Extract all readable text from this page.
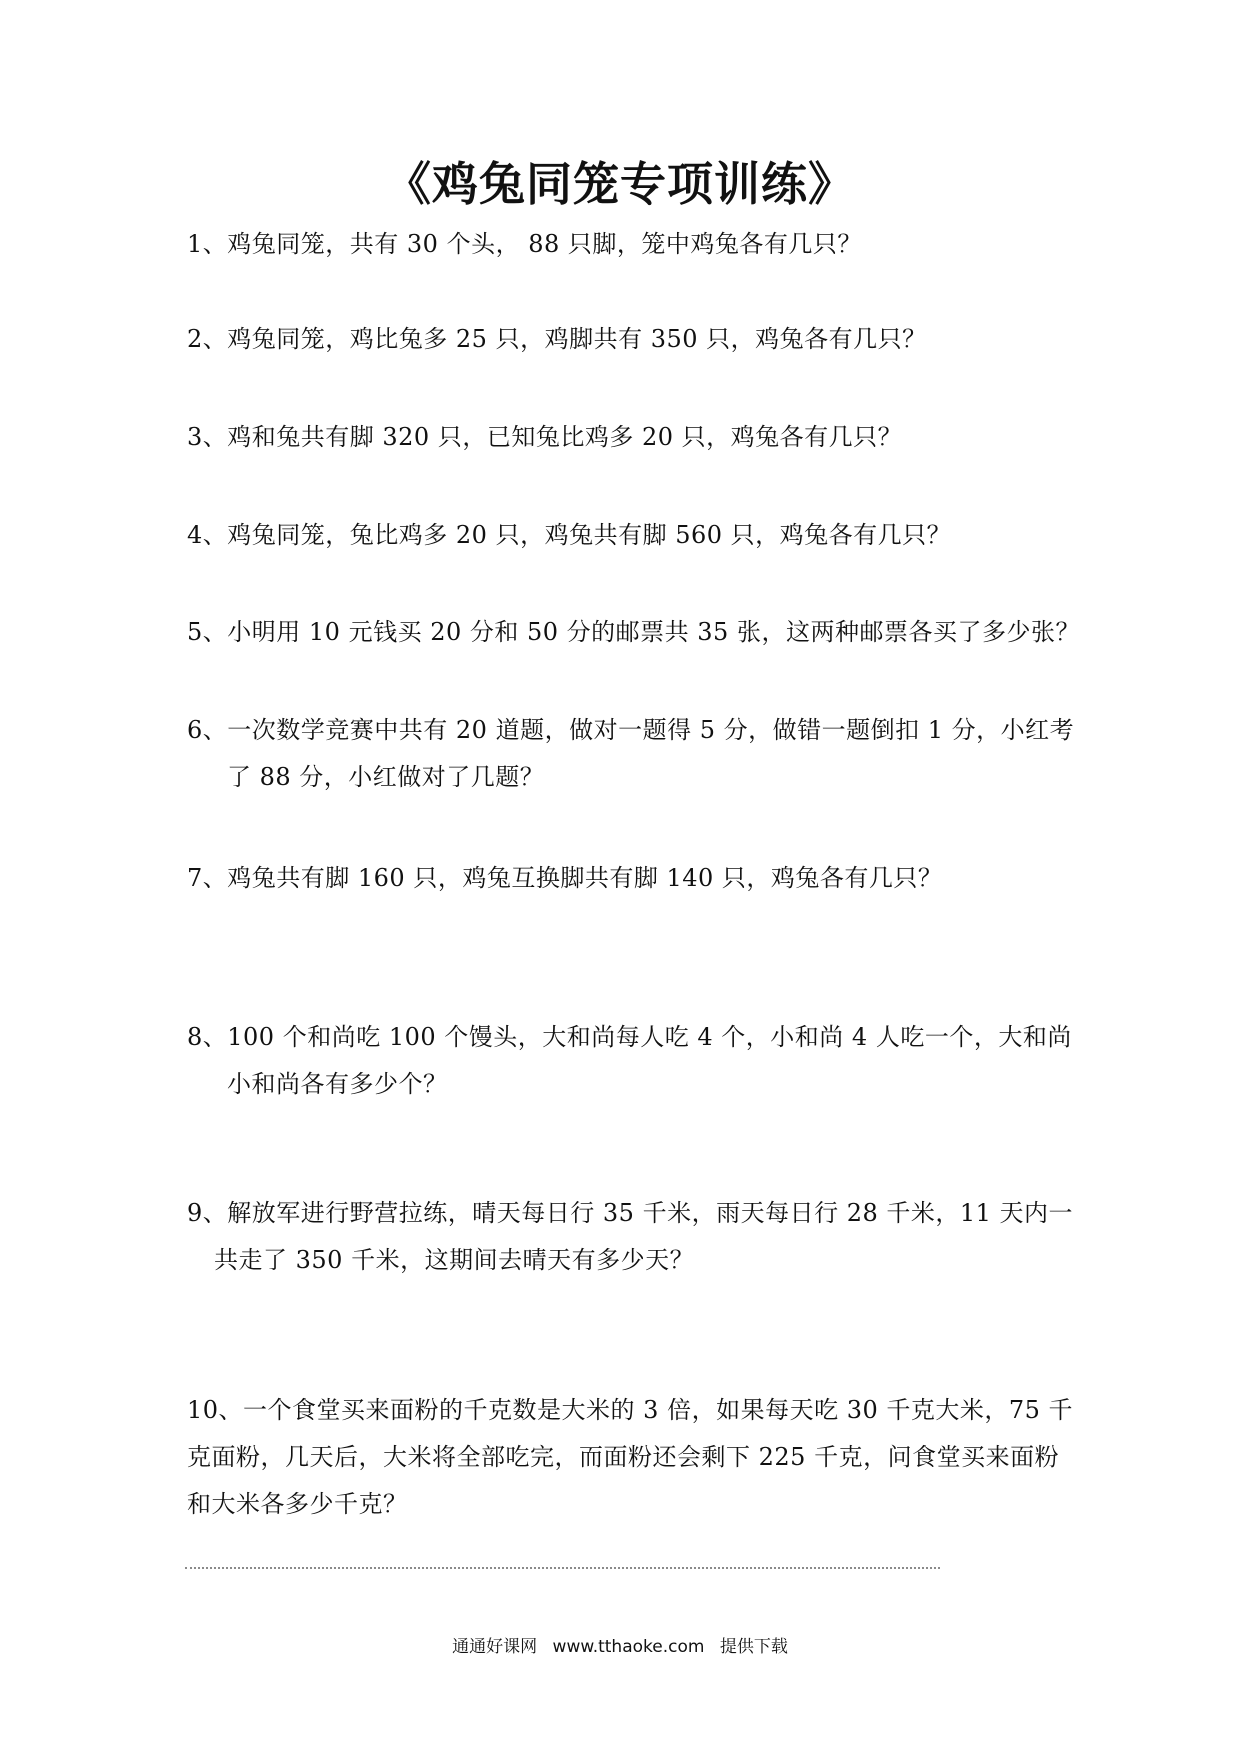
《鸡兔同笼专项训练》
1、鸡兔同笼，共有 30 个头， 88 只脚，笼中鸡兔各有几只？
2、鸡兔同笼，鸡比兔多 25 只，鸡脚共有 350 只，鸡兔各有几只？
3、鸡和兔共有脚 320 只，已知兔比鸡多 20 只，鸡兔各有几只？
4、鸡兔同笼，兔比鸡多 20 只，鸡兔共有脚 560 只，鸡兔各有几只？
5、小明用 10 元钱买 20 分和 50 分的邮票共 35 张，这两种邮票各买了多少张？
6、一次数学竞赛中共有 20 道题，做对一题得 5 分，做错一题倒扣 1 分，小红考
了 88 分，小红做对了几题？
7、鸡兔共有脚 160 只，鸡兔互换脚共有脚 140 只，鸡兔各有几只？
8、100 个和尚吃 100 个馒头，大和尚每人吃 4 个，小和尚 4 人吃一个，大和尚
小和尚各有多少个？
9、解放军进行野营拉练，晴天每日行 35 千米，雨天每日行 28 千米，11 天内一
共走了 350 千米，这期间去晴天有多少天？
10、一个食堂买来面粉的千克数是大米的 3 倍，如果每天吃 30 千克大米，75 千
克面粉，几天后，大米将全部吃完，而面粉还会剩下 225 千克，问食堂买来面粉
和大米各多少千克？
通通好课网 www.tthaoke.com 提供下载
